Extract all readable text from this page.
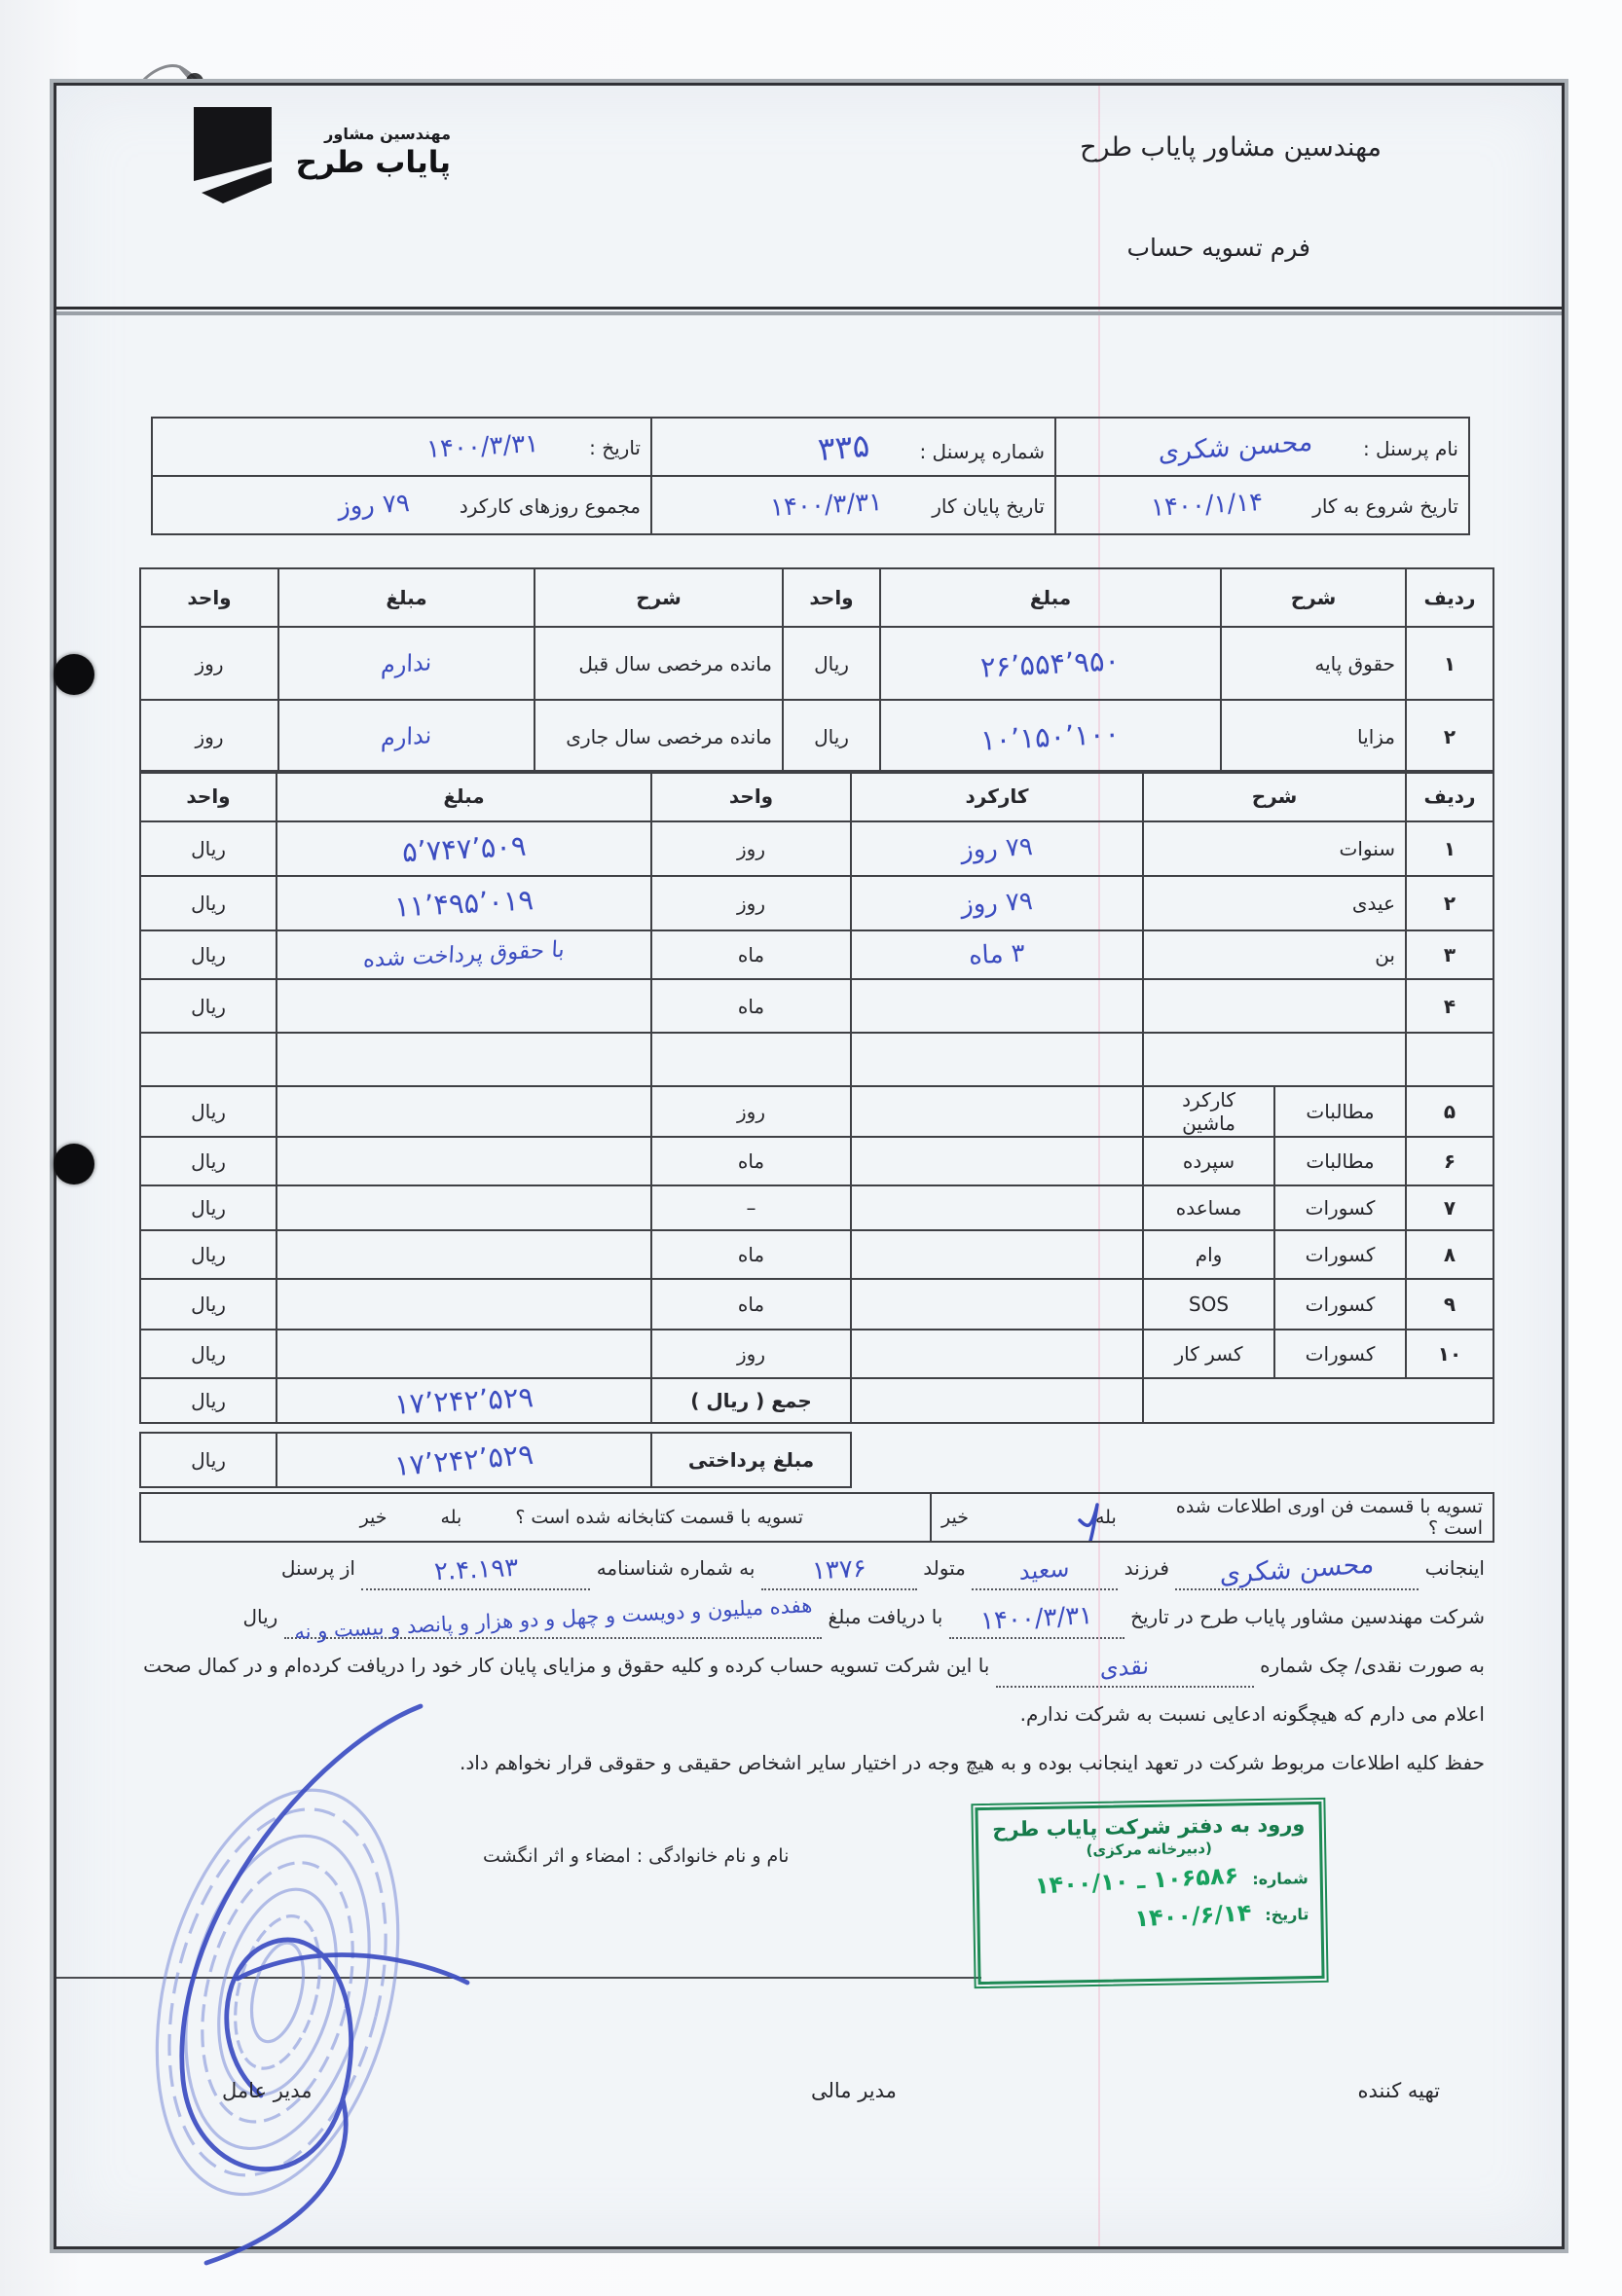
مهندسین مشاور
پایاب طرح	مهندسین مشاور پایاب طرح
فرم تسویه حساب
نام پرسنل : محسن شکری	شماره پرسنل : ۳۳۵	تاریخ : ۱۴۰۰/۳/۳۱
تاریخ شروع به کار ۱۴۰۰/۱/۱۴	تاریخ پایان کار ۱۴۰۰/۳/۳۱	مجموع روزهای کارکرد ۷۹ روز
ردیف	شرح	مبلغ	واحد	شرح	مبلغ	واحد
۱	حقوق پایه	۲۶٬۵۵۴٬۹۵۰	ریال	مانده مرخصی سال قبل	ندارم	روز
۲	مزایا	۱۰٬۱۵۰٬۱۰۰	ریال	مانده مرخصی سال جاری	ندارم	روز
ردیف	شرح		کارکرد	واحد	مبلغ	واحد
۱	سنوات		۷۹ روز	روز	۵٬۷۴۷٬۵۰۹	ریال
۲	عیدی		۷۹ روز	روز	۱۱٬۴۹۵٬۰۱۹	ریال
۳	بن		۳ ماه	ماه	با حقوق پرداخت شده	ریال
۴				ماه		ریال

۵	مطالبات	کارکرد ماشین		روز		ریال
۶	مطالبات	سپرده		ماه		ریال
۷	کسورات	مساعده		–		ریال
۸	کسورات	وام		ماه		ریال
۹	کسورات	SOS		ماه		ریال
۱۰	کسورات	کسر کار		روز		ریال
				جمع ( ریال )	۱۷٬۲۴۲٬۵۲۹	ریال
مبلغ پرداختی	۱۷٬۲۴۲٬۵۲۹	ریال
تسویه با قسمت فن اوری اطلاعات شده است ؟
بله
خیر

تسویه با قسمت کتابخانه شده است ؟
بله
خیر
اینجانب محسن شکری فرزند سعید متولد ۱۳۷۶ به شماره شناسنامه ۲.۴.۱۹۳ از پرسنل
شرکت مهندسین مشاور پایاب طرح در تاریخ ۱۴۰۰/۳/۳۱ با دریافت مبلغ هفده میلیون و دویست و چهل و دو هزار و پانصد و بیست و نه ریال
به صورت نقدی/ چک شماره نقدی با این شرکت تسویه حساب کرده و کلیه حقوق و مزایای پایان کار خود را دریافت کرده‌ام و در کمال صحت
اعلام می دارم که هیچگونه ادعایی نسبت به شرکت ندارم.
حفظ کلیه اطلاعات مربوط شرکت در تعهد اینجانب بوده و به هیچ وجه در اختیار سایر اشخاص حقیقی و حقوقی قرار نخواهم داد.
نام و نام خانوادگی : امضاء و اثر انگشت
ورود به دفتر شرکت پایاب طرح
(دبیرخانه مرکزی)
شماره:
۱۰۶۵۸۶ ـ ۱۴۰۰/۱۰
تاریخ:
۱۴۰۰/۶/۱۴
تهیه کننده
مدیر مالی
مدیر عامل
